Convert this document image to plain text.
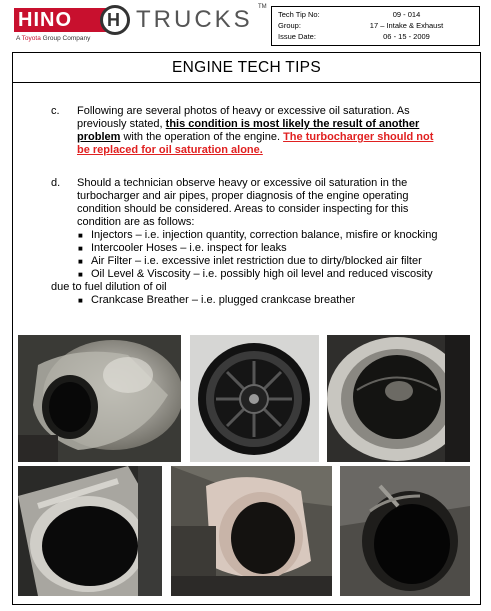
HINO	H TRUCKS TM
A Toyota Group Company
Tech Tip No:	09 - 014
Group:	17 – Intake & Exhaust
Issue Date:	06 - 15 - 2009
ENGINE TECH TIPS
c. Following are several photos of heavy or excessive oil saturation. As
previously stated, this condition is most likely the result of another
problem with the operation of the engine. The turbocharger should not
be replaced for oil saturation alone.
d. Should a technician observe heavy or excessive oil saturation in the
turbocharger and air pipes, proper diagnosis of the engine operating
condition should be considered. Areas to consider inspecting for this
condition are as follows:
■ Injectors – i.e. injection quantity, correction balance, misfire or knocking
■ Intercooler Hoses – i.e. inspect for leaks
■ Air Filter – i.e. excessive inlet restriction due to dirty/blocked air filter
■ Oil Level & Viscosity – i.e. possibly high oil level and reduced viscosity
due to fuel dilution of oil
■ Crankcase Breather – i.e. plugged crankcase breather
